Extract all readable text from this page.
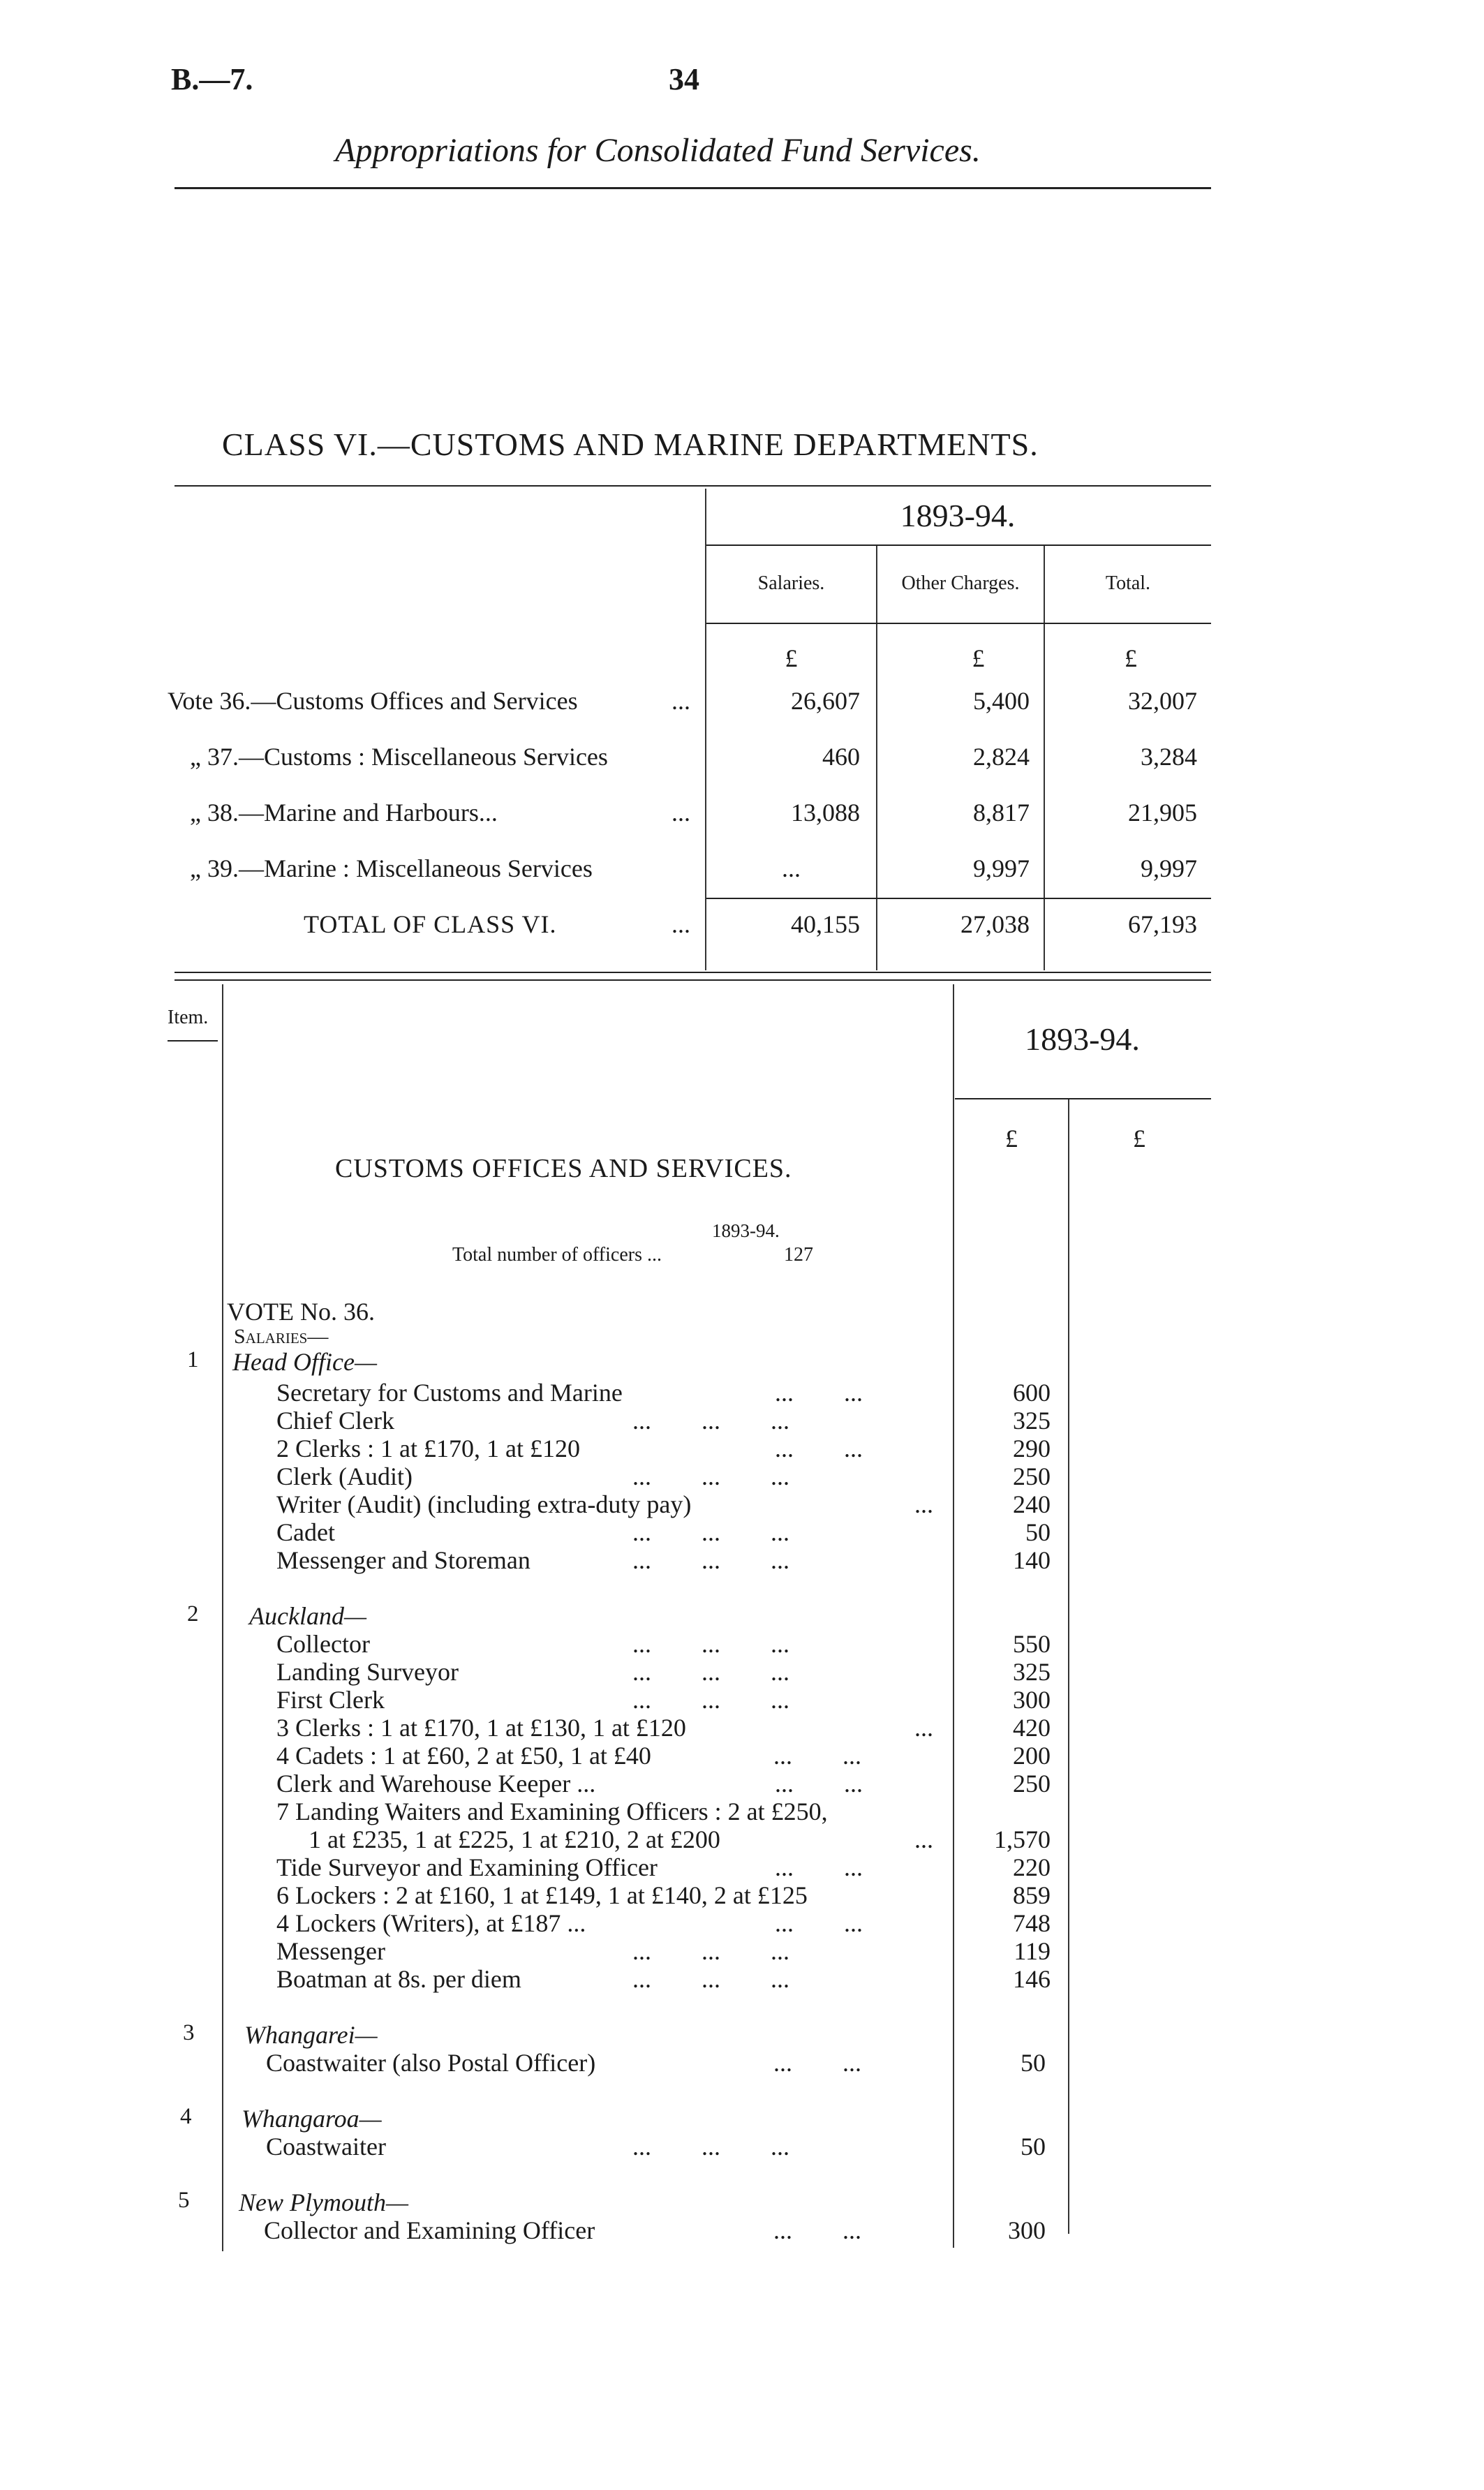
B.—7.	34
Appropriations for Consolidated Fund Services.
CLASS VI.—CUSTOMS AND MARINE DEPARTMENTS.
1893-94.
Salaries.	Other Charges.	Total.
£	£	£
Vote 36.—Customs Offices and Services	...	26,607	5,400	32,007
„ 37.—Customs : Miscellaneous Services	460	2,824	3,284
„ 38.—Marine and Harbours...	...	13,088	8,817	21,905
„ 39.—Marine : Miscellaneous Services	...	9,997	9,997
TOTAL OF CLASS VI.	...	40,155	27,038	67,193
Item.
1893-94.
£	£
CUSTOMS OFFICES AND SERVICES.
1893-94.
Total number of officers ...	127
VOTE No. 36.
Salaries—
1 Head Office—
Secretary for Customs and Marine	...        ...	600
Chief Clerk	...        ...        ...	325
2 Clerks : 1 at £170, 1 at £120	...        ...	290
Clerk (Audit)	...        ...        ...	250
Writer (Audit) (including extra-duty pay)	...	240
Cadet	...        ...        ...	50
Messenger and Storeman	...        ...        ...	140
2 Auckland—
Collector	...        ...        ...	550
Landing Surveyor	...        ...        ...	325
First Clerk	...        ...        ...	300
3 Clerks : 1 at £170, 1 at £130, 1 at £120	...	420
4 Cadets : 1 at £60, 2 at £50, 1 at £40	...        ...	200
Clerk and Warehouse Keeper ...	...        ...	250
7 Landing Waiters and Examining Officers : 2 at £250,
1 at £235, 1 at £225, 1 at £210, 2 at £200	...	1,570
Tide Surveyor and Examining Officer	...        ...	220
6 Lockers : 2 at £160, 1 at £149, 1 at £140, 2 at £125	859
4 Lockers (Writers), at £187 ...	...        ...	748
Messenger	...        ...        ...	119
Boatman at 8s. per diem	...        ...        ...	146
3 Whangarei—
Coastwaiter (also Postal Officer)	...        ...	50
4 Whangaroa—
Coastwaiter	...        ...        ...	50
5 New Plymouth—
Collector and Examining Officer	...        ...	300
